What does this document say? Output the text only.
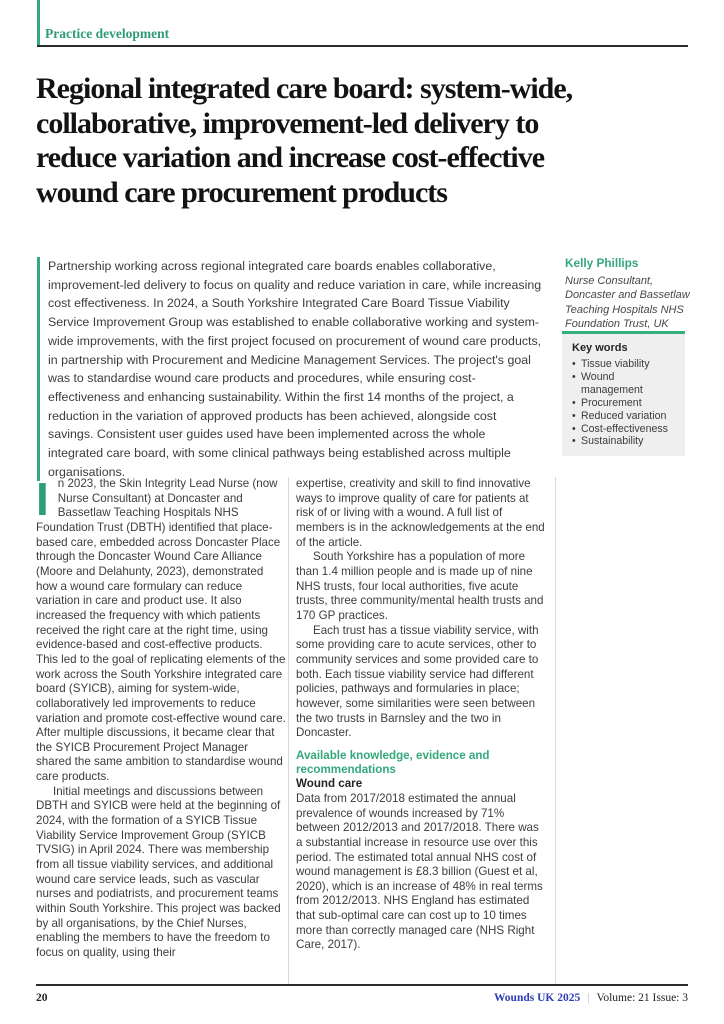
Practice development
Regional integrated care board: system-wide,
collaborative, improvement-led delivery to
reduce variation and increase cost-effective
wound care procurement products
Partnership working across regional integrated care boards enables collaborative, improvement-led delivery to focus on quality and reduce variation in care, while increasing cost effectiveness. In 2024, a South Yorkshire Integrated Care Board Tissue Viability Service Improvement Group was established to enable collaborative working and system-wide improvements, with the first project focused on procurement of wound care products, in partnership with Procurement and Medicine Management Services. The project's goal was to standardise wound care products and procedures, while ensuring cost-effectiveness and enhancing sustainability. Within the first 14 months of the project, a reduction in the variation of approved products has been achieved, alongside cost savings. Consistent user guides used have been implemented across the whole integrated care board, with some clinical pathways being established across multiple organisations.
Kelly Phillips
Nurse Consultant, Doncaster and Bassetlaw Teaching Hospitals NHS Foundation Trust, UK
Key words
• Tissue viability
• Wound management
• Procurement
• Reduced variation
• Cost-effectiveness
• Sustainability

In 2023, the Skin Integrity Lead Nurse (now Nurse Consultant) at Doncaster and Bassetlaw Teaching Hospitals NHS Foundation Trust (DBTH) identified that place-based care, embedded across Doncaster Place through the Doncaster Wound Care Alliance (Moore and Delahunty, 2023), demonstrated how a wound care formulary can reduce variation in care and product use. It also increased the frequency with which patients received the right care at the right time, using evidence-based and cost-effective products. This led to the goal of replicating elements of the work across the South Yorkshire integrated care board (SYICB), aiming for system-wide, collaboratively led improvements to reduce variation and promote cost-effective wound care. After multiple discussions, it became clear that the SYICB Procurement Project Manager shared the same ambition to standardise wound care products.

Initial meetings and discussions between DBTH and SYICB were held at the beginning of 2024, with the formation of a SYICB Tissue Viability Service Improvement Group (SYICB TVSIG) in April 2024. There was membership from all tissue viability services, and additional wound care service leads, such as vascular nurses and podiatrists, and procurement teams within South Yorkshire. This project was backed by all organisations, by the Chief Nurses, enabling the members to have the freedom to focus on quality, using their

expertise, creativity and skill to find innovative ways to improve quality of care for patients at risk of or living with a wound. A full list of members is in the acknowledgements at the end of the article.

South Yorkshire has a population of more than 1.4 million people and is made up of nine NHS trusts, four local authorities, five acute trusts, three community/mental health trusts and 170 GP practices.

Each trust has a tissue viability service, with some providing care to acute services, other to community services and some provided care to both. Each tissue viability service had different policies, pathways and formularies in place; however, some similarities were seen between the two trusts in Barnsley and the two in Doncaster.

Available knowledge, evidence and recommendations

Wound care

Data from 2017/2018 estimated the annual prevalence of wounds increased by 71% between 2012/2013 and 2017/2018. There was a substantial increase in resource use over this period. The estimated total annual NHS cost of wound management is £8.3 billion (Guest et al, 2020), which is an increase of 48% in real terms from 2012/2013. NHS England has estimated that sub-optimal care can cost up to 10 times more than correctly managed care (NHS Right Care, 2017).

20	Wounds UK 2025 | Volume: 21 Issue: 3
